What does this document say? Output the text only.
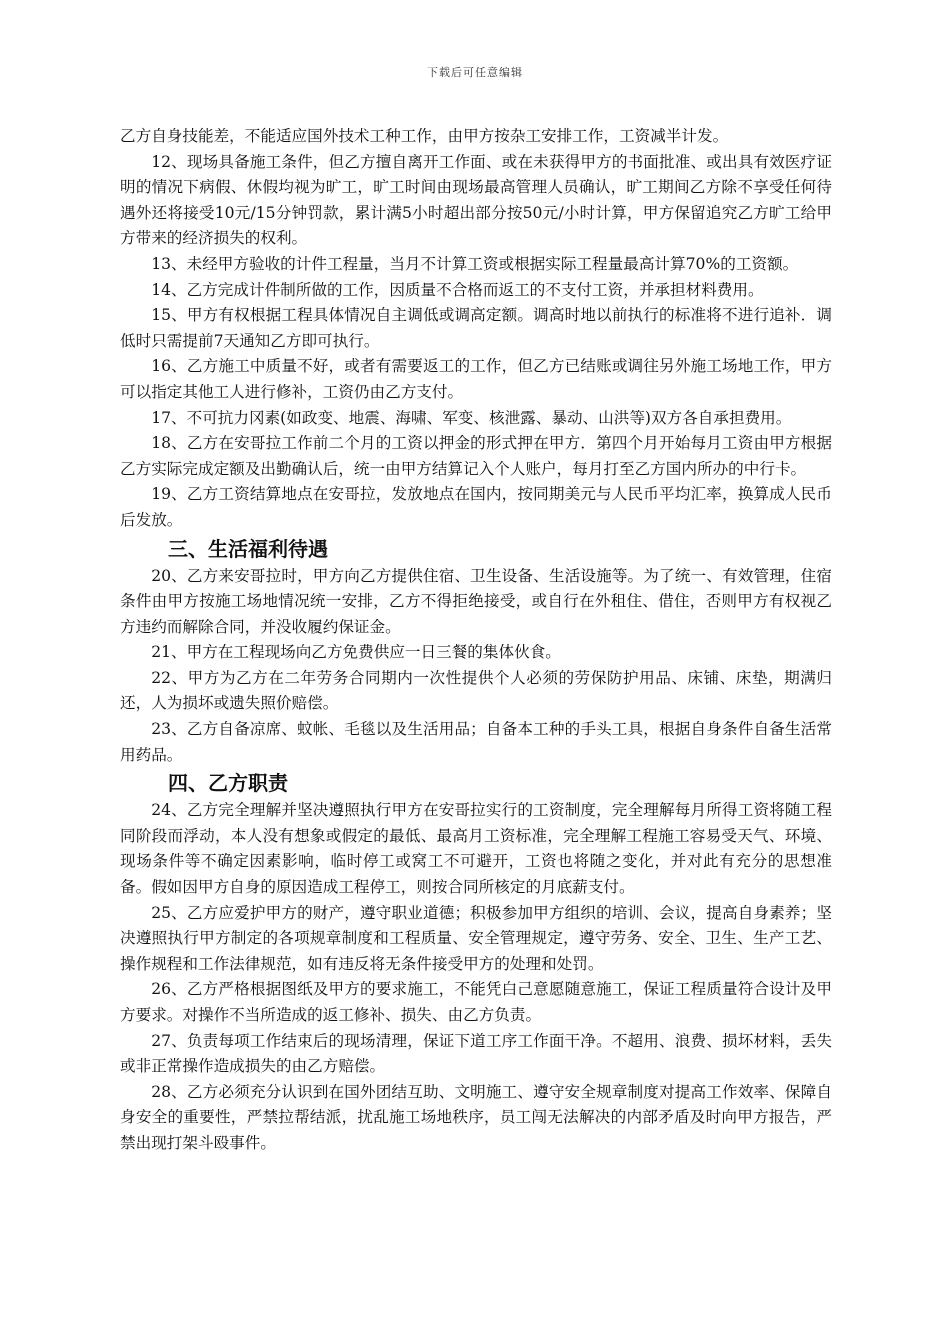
下载后可任意编辑

乙方自身技能差，不能适应国外技术工种工作，由甲方按杂工安排工作，工资减半计发。

12、现场具备施工条件，但乙方擅自离开工作面、或在未获得甲方的书面批准、或出具有效医疗证明的情况下病假、休假均视为旷工，旷工时间由现场最高管理人员确认，旷工期间乙方除不享受任何待遇外还将接受10元/15分钟罚款，累计满5小时超出部分按50元/小时计算，甲方保留追究乙方旷工给甲方带来的经济损失的权利。

13、未经甲方验收的计件工程量，当月不计算工资或根据实际工程量最高计算70%的工资额。

14、乙方完成计件制所做的工作，因质量不合格而返工的不支付工资，并承担材料费用。

15、甲方有权根据工程具体情况自主调低或调高定额。调高时地以前执行的标准将不进行追补．调低时只需提前7天通知乙方即可执行。

16、乙方施工中质量不好，或者有需要返工的工作，但乙方已结账或调往另外施工场地工作，甲方可以指定其他工人进行修补，工资仍由乙方支付。

17、不可抗力冈素(如政变、地震、海啸、军变、核泄露、暴动、山洪等)双方各自承担费用。

18、乙方在安哥拉工作前二个月的工资以押金的形式押在甲方．第四个月开始每月工资由甲方根据乙方实际完成定额及出勤确认后，统一由甲方结算记入个人账户，每月打至乙方国内所办的中行卡。

19、乙方工资结算地点在安哥拉，发放地点在国内，按同期美元与人民币平均汇率，换算成人民币后发放。

三、生活福利待遇

20、乙方来安哥拉时，甲方向乙方提供住宿、卫生设备、生活设施等。为了统一、有效管理，住宿条件由甲方按施工场地情况统一安排，乙方不得拒绝接受，或自行在外租住、借住，否则甲方有权视乙方违约而解除合同，并没收履约保证金。

21、甲方在工程现场向乙方免费供应一日三餐的集体伙食。

22、甲方为乙方在二年劳务合同期内一次性提供个人必须的劳保防护用品、床铺、床垫，期满归还，人为损坏或遗失照价赔偿。

23、乙方自备凉席、蚊帐、毛毯以及生活用品；自备本工种的手头工具，根据自身条件自备生活常用药品。

四、乙方职责

24、乙方完全理解并坚决遵照执行甲方在安哥拉实行的工资制度，完全理解每月所得工资将随工程同阶段而浮动，本人没有想象或假定的最低、最高月工资标准，完全理解工程施工容易受天气、环境、现场条件等不确定因素影响，临时停工或窝工不可避开，工资也将随之变化，并对此有充分的思想准备。假如因甲方自身的原因造成工程停工，则按合同所核定的月底薪支付。

25、乙方应爱护甲方的财产，遵守职业道德；积极参加甲方组织的培训、会议，提高自身素养；坚决遵照执行甲方制定的各项规章制度和工程质量、安全管理规定，遵守劳务、安全、卫生、生产工艺、操作规程和工作法律规范，如有违反将无条件接受甲方的处理和处罚。

26、乙方严格根据图纸及甲方的要求施工，不能凭白己意愿随意施工，保证工程质量符合设计及甲方要求。对操作不当所造成的返工修补、损失、由乙方负责。

27、负责每项工作结束后的现场清理，保证下道工序工作面干净。不超用、浪费、损坏材料，丢失或非正常操作造成损失的由乙方赔偿。

28、乙方必须充分认识到在国外团结互助、文明施工、遵守安全规章制度对提高工作效率、保障自身安全的重要性，严禁拉帮结派，扰乱施工场地秩序，员工闯无法解决的内部矛盾及时向甲方报告，严禁出现打架斗殴事件。
